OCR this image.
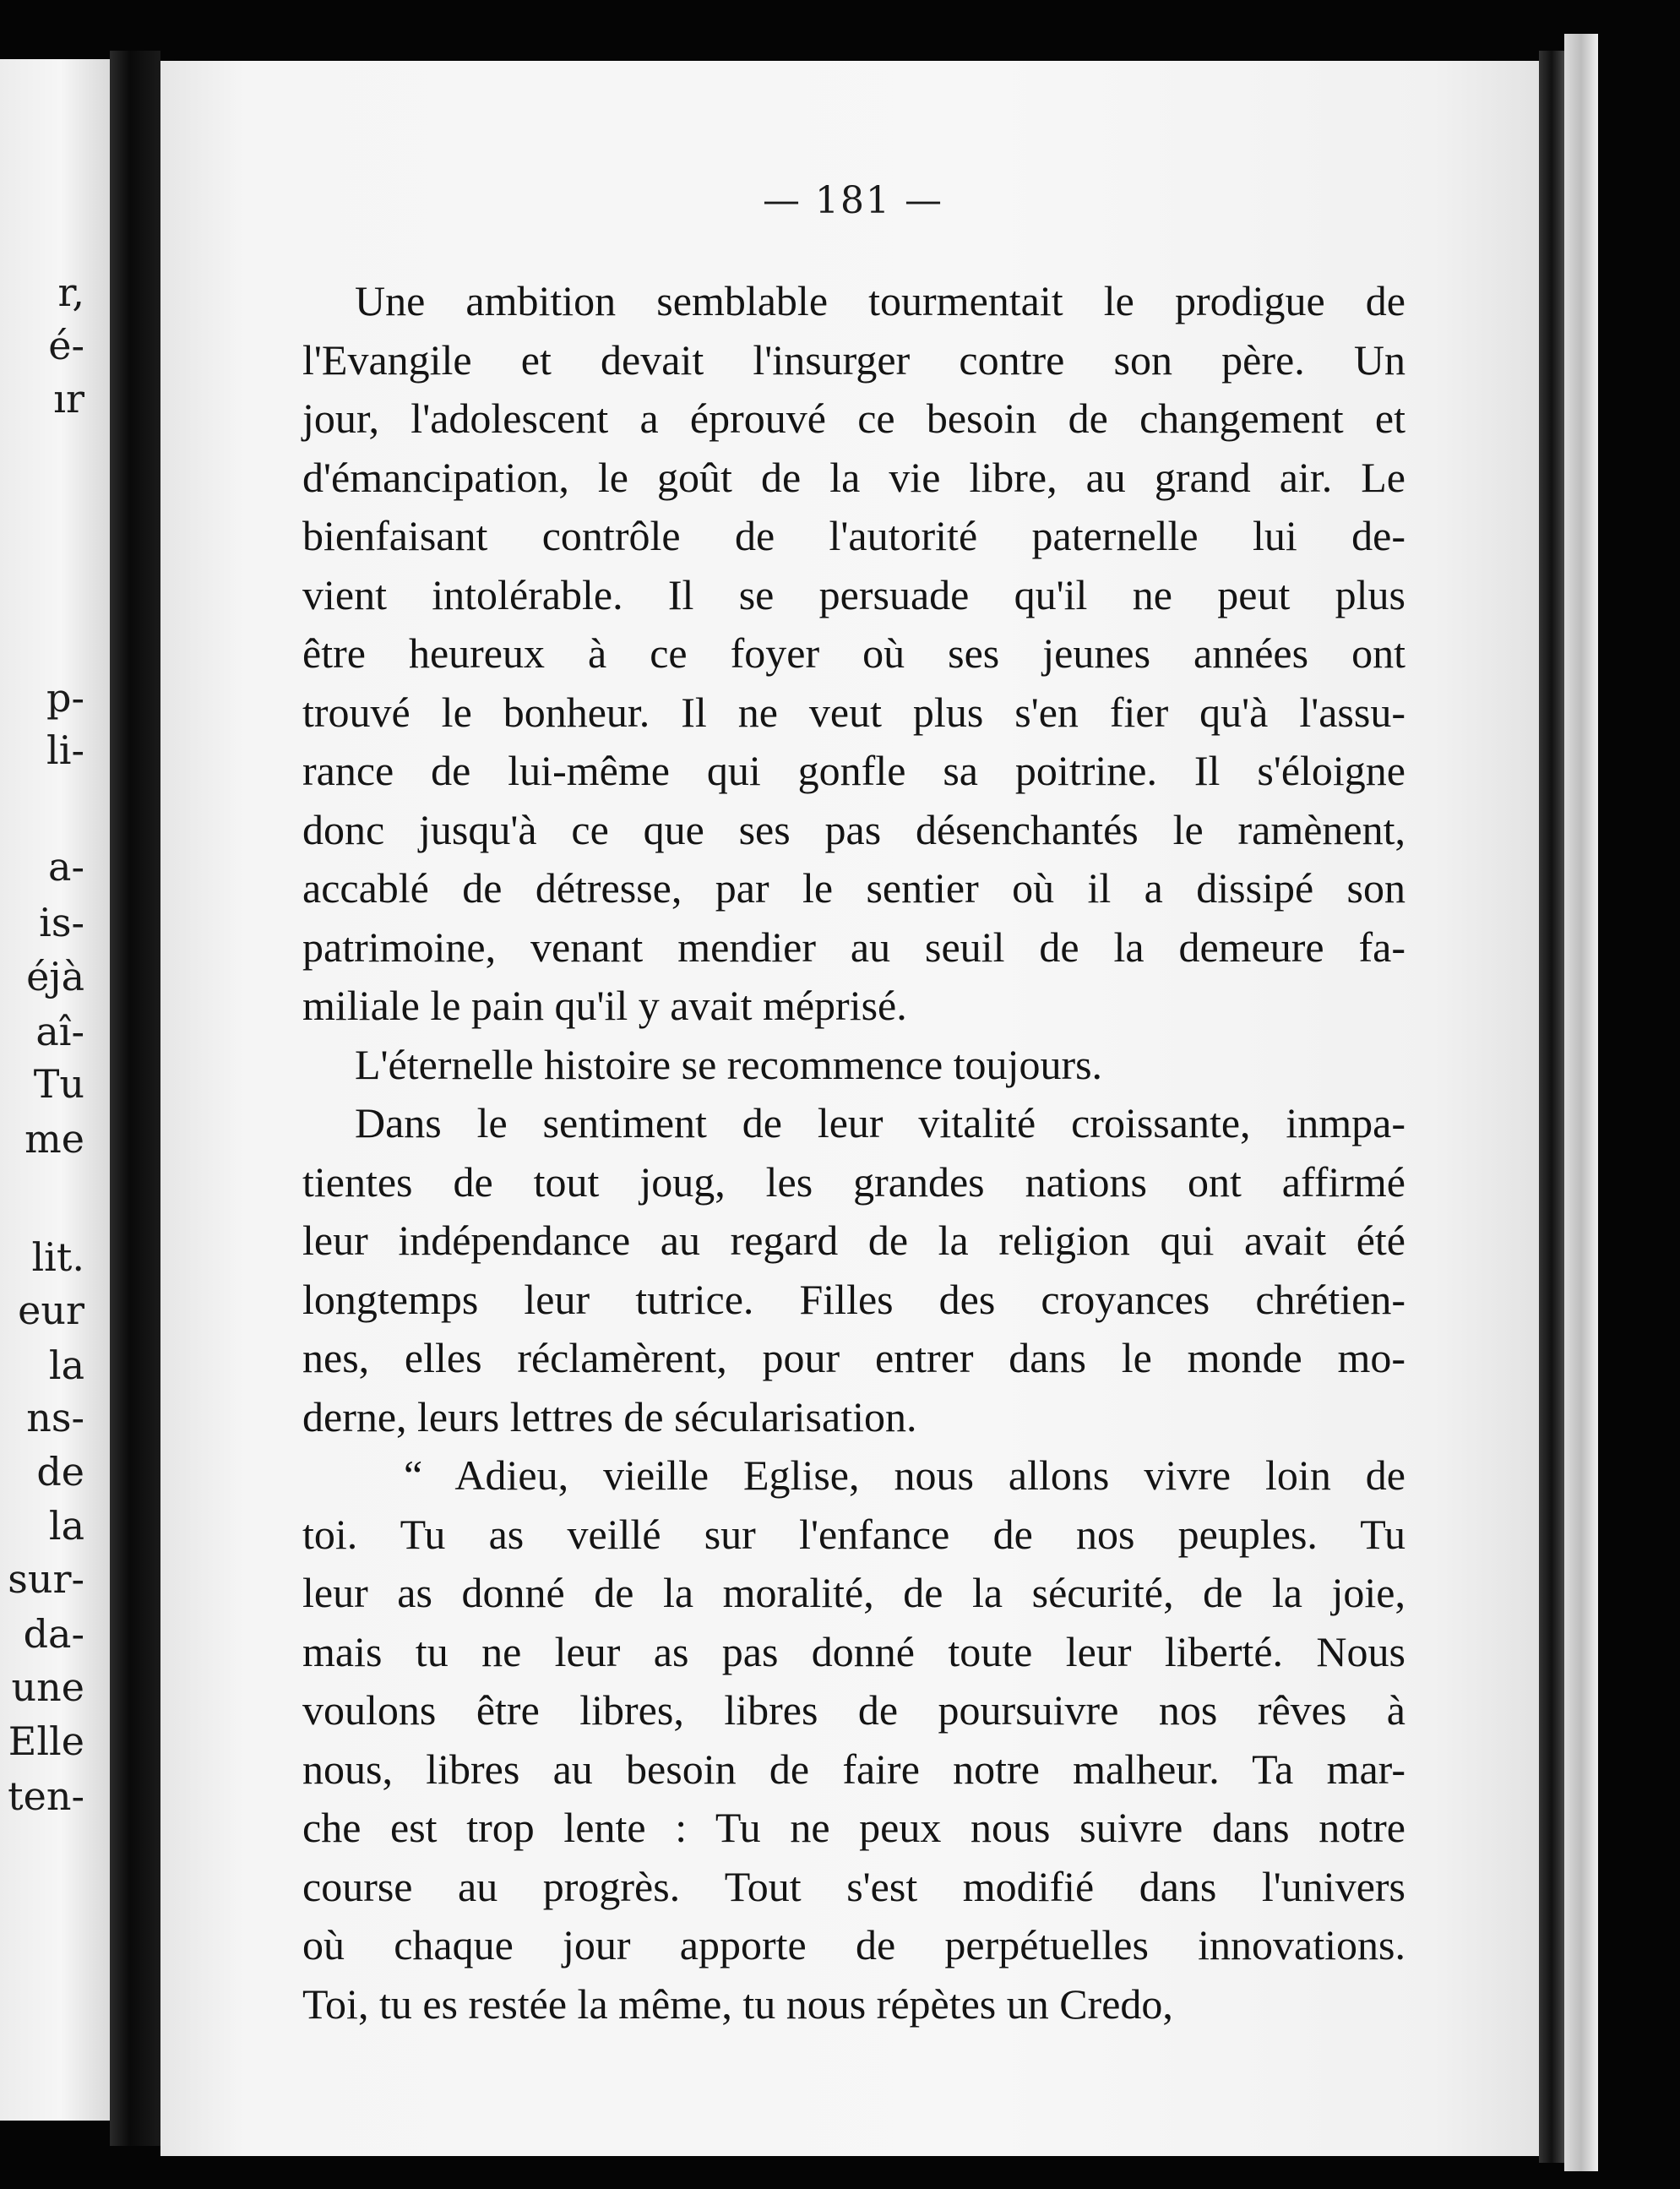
r,
é-
ır
p-
li-
a-
is-
éjà
aî-
Tu
me
lit.
eur
la
ns-
de
la
sur-
da-
une
Elle
ten-
— 181 —
Une ambition semblable tourmentait le prodigue de
l'Evangile et devait l'insurger contre son père. Un
jour, l'adolescent a éprouvé ce besoin de changement et
d'émancipation, le goût de la vie libre, au grand air. Le
bienfaisant contrôle de l'autorité paternelle lui de-
vient intolérable. Il se persuade qu'il ne peut plus
être heureux à ce foyer où ses jeunes années ont
trouvé le bonheur. Il ne veut plus s'en fier qu'à l'assu-
rance de lui-même qui gonfle sa poitrine. Il s'éloigne
donc jusqu'à ce que ses pas désenchantés le ramènent,
accablé de détresse, par le sentier où il a dissipé son
patrimoine, venant mendier au seuil de la demeure fa-
miliale le pain qu'il y avait méprisé.
L'éternelle histoire se recommence toujours.
Dans le sentiment de leur vitalité croissante, inmpa-
tientes de tout joug, les grandes nations ont affirmé
leur indépendance au regard de la religion qui avait été
longtemps leur tutrice. Filles des croyances chrétien-
nes, elles réclamèrent, pour entrer dans le monde mo-
derne, leurs lettres de sécularisation.
“ Adieu, vieille Eglise, nous allons vivre loin de
toi. Tu as veillé sur l'enfance de nos peuples. Tu
leur as donné de la moralité, de la sécurité, de la joie,
mais tu ne leur as pas donné toute leur liberté. Nous
voulons être libres, libres de poursuivre nos rêves à
nous, libres au besoin de faire notre malheur. Ta mar-
che est trop lente : Tu ne peux nous suivre dans notre
course au progrès. Tout s'est modifié dans l'univers
où chaque jour apporte de perpétuelles innovations.
Toi, tu es restée la même, tu nous répètes un Credo,
